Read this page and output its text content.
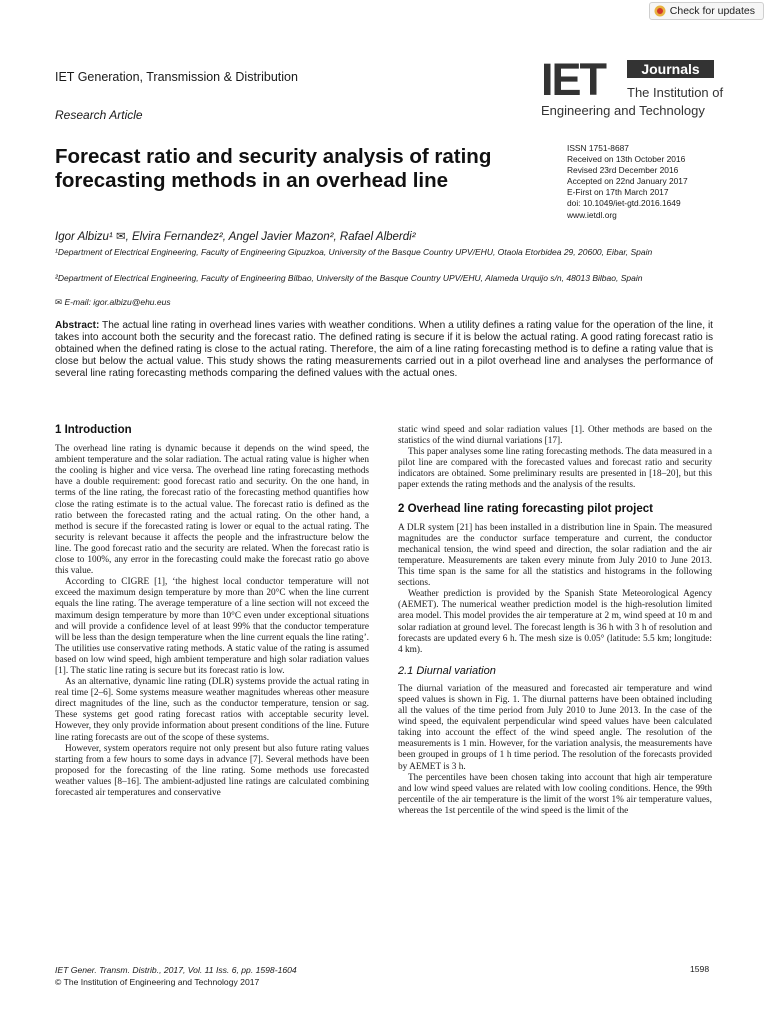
Check for updates
IET Generation, Transmission & Distribution
Research Article
IET	Journals
The Institution of
Engineering and Technology
Forecast ratio and security analysis of rating forecasting methods in an overhead line
ISSN 1751-8687
Received on 13th October 2016
Revised 23rd December 2016
Accepted on 22nd January 2017
E-First on 17th March 2017
doi: 10.1049/iet-gtd.2016.1649
www.ietdl.org
Igor Albizu¹ ✉, Elvira Fernandez², Angel Javier Mazon², Rafael Alberdi²
¹Department of Electrical Engineering, Faculty of Engineering Gipuzkoa, University of the Basque Country UPV/EHU, Otaola Etorbidea 29, 20600, Eibar, Spain
²Department of Electrical Engineering, Faculty of Engineering Bilbao, University of the Basque Country UPV/EHU, Alameda Urquijo s/n, 48013 Bilbao, Spain
✉ E-mail: igor.albizu@ehu.eus
Abstract: The actual line rating in overhead lines varies with weather conditions. When a utility defines a rating value for the operation of the line, it takes into account both the security and the forecast ratio. The defined rating is secure if it is below the actual rating. A good rating forecast ratio is obtained when the defined rating is close to the actual rating. Therefore, the aim of a line rating forecasting method is to define a rating value that is close but below the actual value. This study shows the rating measurements carried out in a pilot overhead line and analyses the performance of several line rating forecasting methods comparing the defined values with the actual ones.
1 Introduction

The overhead line rating is dynamic because it depends on the wind speed, the ambient temperature and the solar radiation. The actual rating value is higher when the cooling is higher and vice versa. The overhead line rating forecasting methods have a double requirement: good forecast ratio and security. On the one hand, in terms of the line rating, the forecast ratio of the forecasting method quantifies how close the rating estimate is to the actual value. The forecast ratio is defined as the ratio between the forecasted rating and the actual rating. On the other hand, a method is secure if the forecasted rating is lower or equal to the actual rating. The security is relevant because it affects the people and the infrastructure below the line. The good forecast ratio and the security are related. When the forecast ratio is close to 100%, any error in the forecasting could make the forecast ratio go above this value.

According to CIGRE [1], ‘the highest local conductor temperature will not exceed the maximum design temperature by more than 20°C when the line current equals the line rating. The average temperature of a line section will not exceed the maximum design temperature by more than 10°C even under exceptional situations and will provide a confidence level of at least 99% that the conductor temperature will be less than the design temperature when the line current equals the line rating’. The utilities use conservative rating methods. A static value of the rating is assumed based on low wind speed, high ambient temperature and high solar radiation values [1]. The static line rating is secure but its forecast ratio is low.

As an alternative, dynamic line rating (DLR) systems provide the actual rating in real time [2–6]. Some systems measure weather magnitudes whereas other measure direct magnitudes of the line, such as the conductor temperature, tension or sag. These systems get good rating forecast ratios with acceptable security level. However, they only provide information about present conditions of the line. Future line rating forecasts are out of the scope of these systems.

However, system operators require not only present but also future rating values starting from a few hours to some days in advance [7]. Several methods have been proposed for the forecasting of the line rating. Some methods use forecasted weather values [8–16]. The ambient-adjusted line ratings are calculated combining forecasted air temperatures and conservative

static wind speed and solar radiation values [1]. Other methods are based on the statistics of the wind diurnal variations [17].

This paper analyses some line rating forecasting methods. The data measured in a pilot line are compared with the forecasted values and forecast ratio and security indicators are obtained. Some preliminary results are presented in [18–20], but this paper extends the rating methods and the analysis of the results.

2 Overhead line rating forecasting pilot project

A DLR system [21] has been installed in a distribution line in Spain. The measured magnitudes are the conductor surface temperature and current, the conductor mechanical tension, the wind speed and direction, the solar radiation and the air temperature. Measurements are taken every minute from July 2010 to June 2013. This time span is the same for all the statistics and histograms in the following sections.

Weather prediction is provided by the Spanish State Meteorological Agency (AEMET). The numerical weather prediction model is the high-resolution limited area model. This model provides the air temperature at 2 m, wind speed at 10 m and solar radiation at ground level. The forecast length is 36 h with 3 h of resolution and forecasts are updated every 6 h. The mesh size is 0.05° (latitude: 5.5 km; longitude: 4 km).

2.1 Diurnal variation

The diurnal variation of the measured and forecasted air temperature and wind speed values is shown in Fig. 1. The diurnal patterns have been obtained including all the values of the time period from July 2010 to June 2013. In the case of the wind speed, the equivalent perpendicular wind speed values have been calculated taking into account the effect of the wind speed angle. The resolution of the measurements is 1 min. However, for the variation analysis, the measurements have been grouped in groups of 1 h time period. The resolution of the forecasts provided by AEMET is 3 h.

The percentiles have been chosen taking into account that high air temperature and low wind speed values are related with low cooling conditions. Hence, the 99th percentile of the air temperature is the limit of the worst 1% air temperature values, whereas the 1st percentile of the wind speed is the limit of the

IET Gener. Transm. Distrib., 2017, Vol. 11 Iss. 6, pp. 1598-1604
© The Institution of Engineering and Technology 2017
1598
